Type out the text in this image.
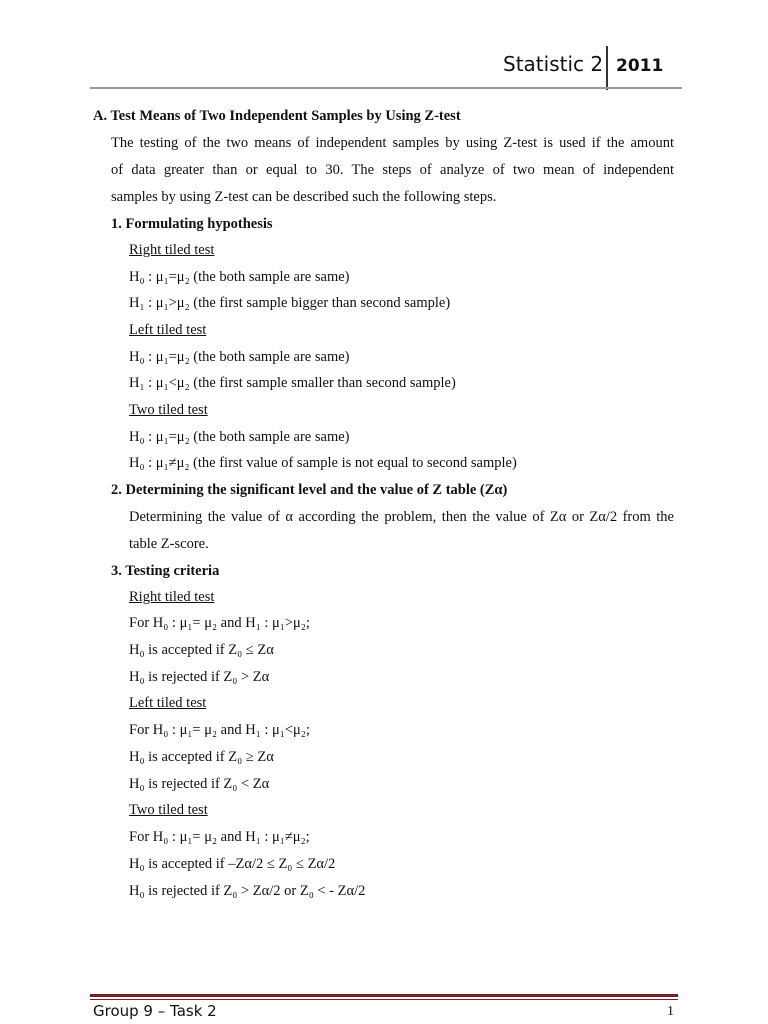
Statistic 2 2011
A. Test Means of Two Independent Samples by Using Z-test
The testing of the two means of independent samples by using Z-test is used if the amount
of data greater than or equal to 30. The steps of analyze of two mean of independent
samples by using Z-test can be described such the following steps.
1. Formulating hypothesis
Right tiled test
H₀ : μ₁=μ₂ (the both sample are same)
H₁ : μ₁>μ₂ (the first sample bigger than second sample)
Left tiled test
H₀ : μ₁=μ₂ (the both sample are same)
H₁ : μ₁<μ₂ (the first sample smaller than second sample)
Two tiled test
H₀ : μ₁=μ₂ (the both sample are same)
H₀ : μ₁≠μ₂ (the first value of sample is not equal to second sample)
2. Determining the significant level and the value of Z table (Zα)
Determining the value of α according the problem, then the value of Zα or Zα/2 from the
table Z-score.
3. Testing criteria
Right tiled test
For H₀ : μ₁= μ₂ and H₁ : μ₁>μ₂;
H₀ is accepted if Z₀ ≤ Zα
H₀ is rejected if Z₀ > Zα
Left tiled test
For H₀ : μ₁= μ₂ and H₁ : μ₁<μ₂;
H₀ is accepted if Z₀ ≥ Zα
H₀ is rejected if Z₀ < Zα
Two tiled test
For H₀ : μ₁= μ₂ and H₁ : μ₁≠μ₂;
H₀ is accepted if –Zα/2 ≤ Z₀ ≤ Zα/2
H₀ is rejected if Z₀ > Zα/2 or Z₀ < - Zα/2
Group 9 – Task 2	1
